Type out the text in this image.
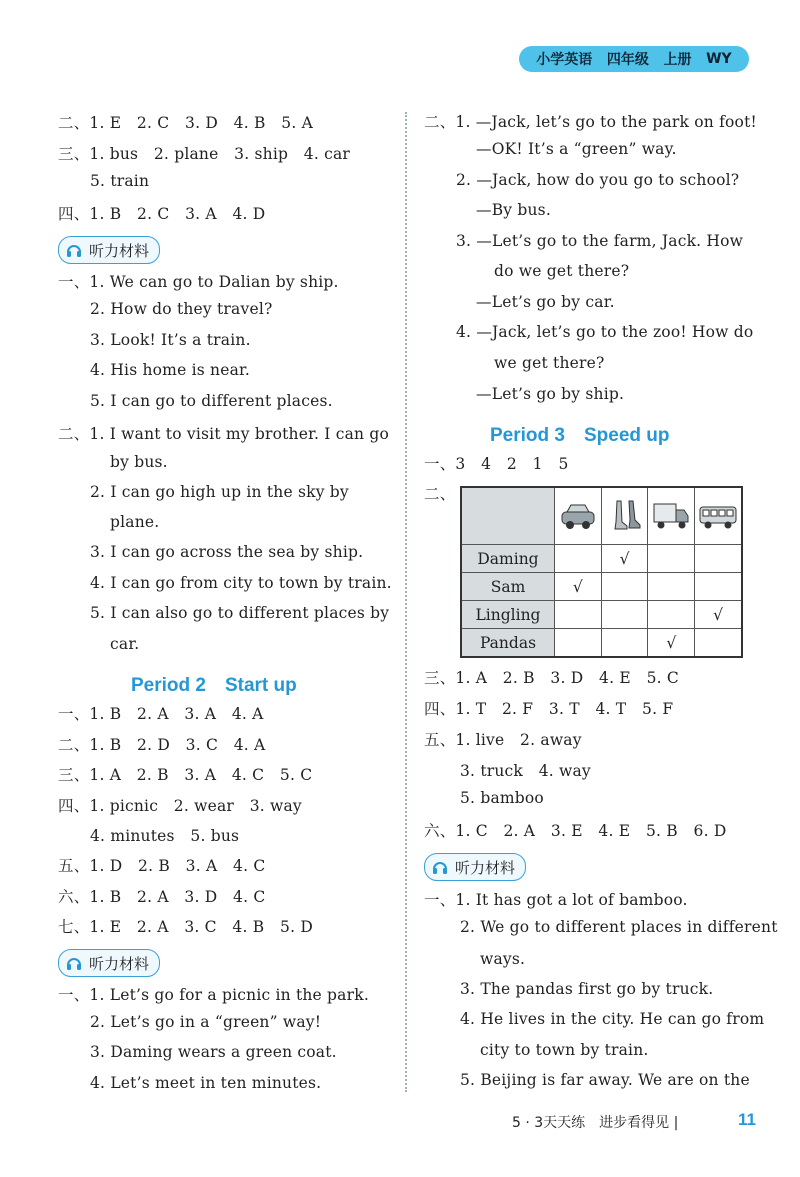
小学英语 四年级 上册 WY
二、1. E　2. C　3. D　4. B　5. A
三、1. bus　2. plane　3. ship　4. car
5. train
四、1. B　2. C　3. A　4. D
一、1. We can go to Dalian by ship.
2. How do they travel?
3. Look! It’s a train.
4. His home is near.
5. I can go to different places.
二、1. I want to visit my brother. I can go
by bus.
2. I can go high up in the sky by
plane.
3. I can go across the sea by ship.
4. I can go from city to town by train.
5. I can also go to different places by
car.
一、1. B　2. A　3. A　4. A
二、1. B　2. D　3. C　4. A
三、1. A　2. B　3. A　4. C　5. C
四、1. picnic　2. wear　3. way
4. minutes　5. bus
五、1. D　2. B　3. A　4. C
六、1. B　2. A　3. D　4. C
七、1. E　2. A　3. C　4. B　5. D
一、1. Let’s go for a picnic in the park.
2. Let’s go in a “green” way!
3. Daming wears a green coat.
4. Let’s meet in ten minutes.
二、1. —Jack, let’s go to the park on foot!
—OK! It’s a “green” way.
2. —Jack, how do you go to school?
—By bus.
3. —Let’s go to the farm, Jack. How
do we get there?
—Let’s go by car.
4. —Jack, let’s go to the zoo! How do
we get there?
—Let’s go by ship.
一、3　4　2　1　5
二、
三、1. A　2. B　3. D　4. E　5. C
四、1. T　2. F　3. T　4. T　5. F
五、1. live　2. away
3. truck　4. way
5. bamboo
六、1. C　2. A　3. E　4. E　5. B　6. D
一、1. It has got a lot of bamboo.
2. We go to different places in different
ways.
3. The pandas first go by truck.
4. He lives in the city. He can go from
city to town by train.
5. Beijing is far away. We are on the
听力材料
听力材料
听力材料
Period 2　Start up
Period 3　Speed up

Daming		√		
Sam	√			
Lingling				√
Pandas			√	
5 · 3天天练　进步看得见 |	11
